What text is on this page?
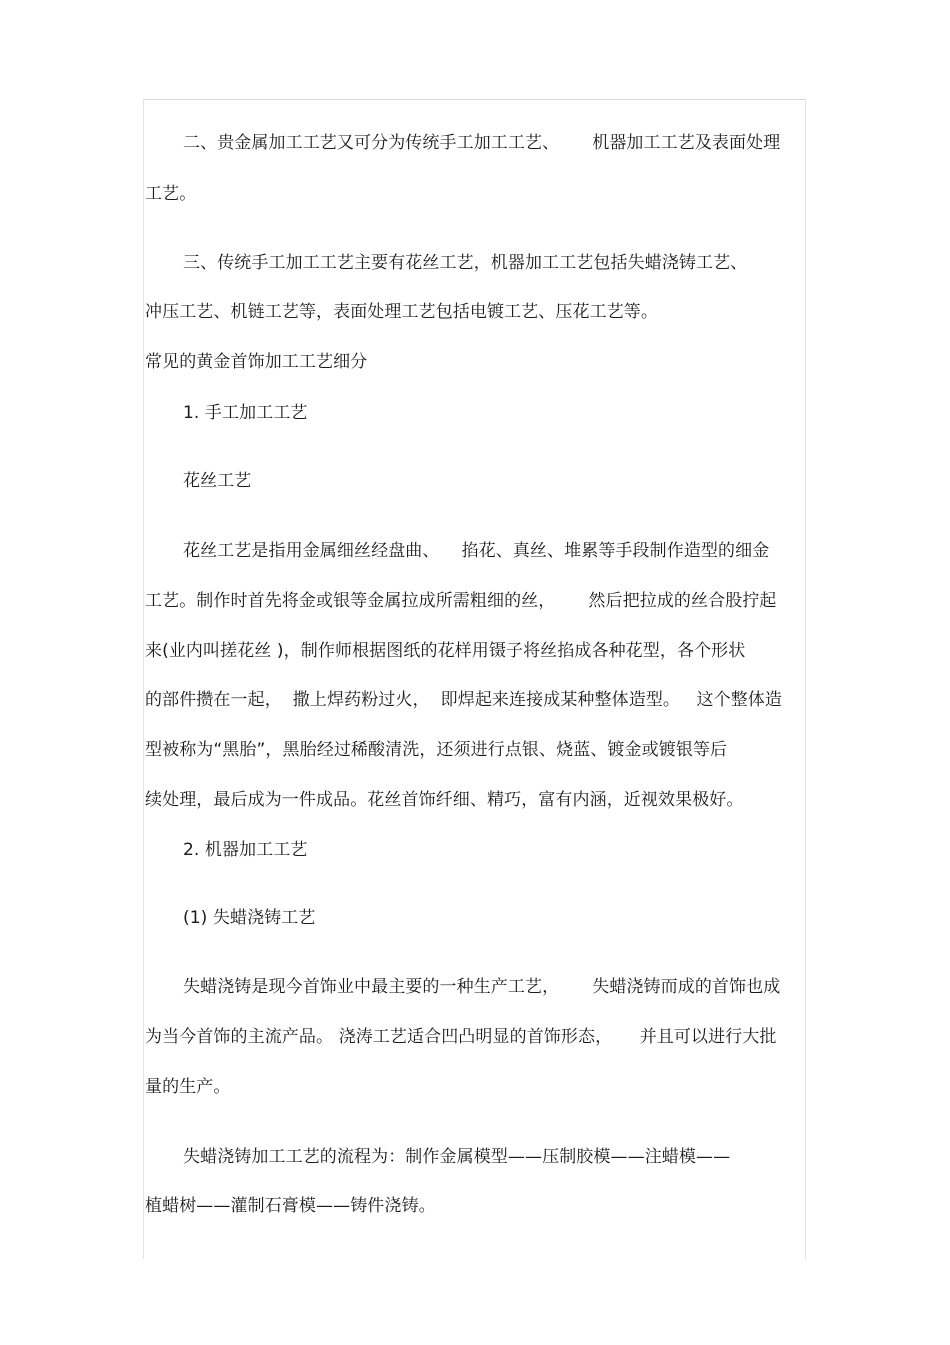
二、贵金属加工工艺又可分为传统手工加工工艺、      机器加工工艺及表面处理
工艺。
三、传统手工加工工艺主要有花丝工艺，机器加工工艺包括失蜡浇铸工艺、
冲压工艺、机链工艺等，表面处理工艺包括电镀工艺、压花工艺等。
常见的黄金首饰加工工艺细分
1. 手工加工工艺
花丝工艺
花丝工艺是指用金属细丝经盘曲、    掐花、真丝、堆累等手段制作造型的细金
工艺。制作时首先将金或银等金属拉成所需粗细的丝，      然后把拉成的丝合股拧起
来(业内叫搓花丝 )，制作师根据图纸的花样用镊子将丝掐成各种花型，各个形状
的部件攒在一起，  撒上焊药粉过火，  即焊起来连接成某种整体造型。   这个整体造
型被称为“黑胎”，黑胎经过稀酸清洗，还须进行点银、烧蓝、镀金或镀银等后
续处理，最后成为一件成品。花丝首饰纤细、精巧，富有内涵，近视效果极好。
2. 机器加工工艺
(1) 失蜡浇铸工艺
失蜡浇铸是现今首饰业中最主要的一种生产工艺，      失蜡浇铸而成的首饰也成
为当今首饰的主流产品。 浇涛工艺适合凹凸明显的首饰形态，     并且可以进行大批
量的生产。
失蜡浇铸加工工艺的流程为：制作金属模型——压制胶模——注蜡模——
植蜡树——灌制石膏模——铸件浇铸。
